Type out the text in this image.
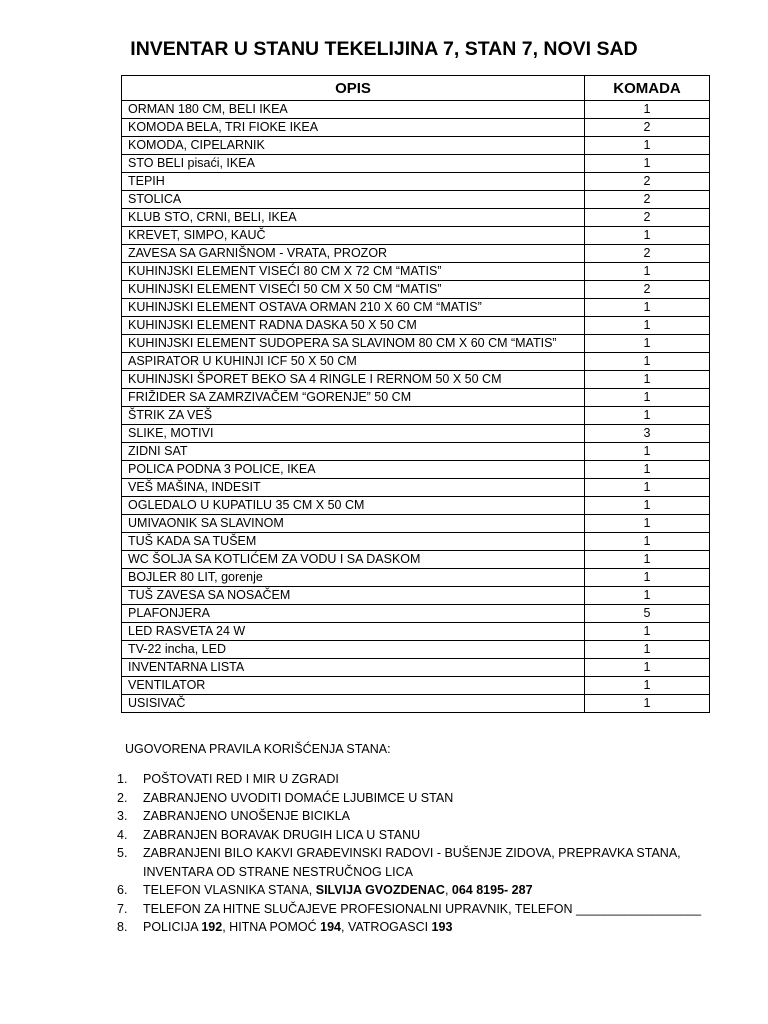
INVENTAR U STANU TEKELIJINA 7, STAN 7, NOVI SAD
OPIS	KOMADA
ORMAN 180 CM, BELI IKEA	1
KOMODA BELA, TRI FIOKE IKEA	2
KOMODA, CIPELARNIK	1
STO BELI pisaći, IKEA	1
TEPIH	2
STOLICA	2
KLUB STO, CRNI, BELI, IKEA	2
KREVET, SIMPO, KAUČ	1
ZAVESA SA GARNIŠNOM - VRATA, PROZOR	2
KUHINJSKI ELEMENT VISEĆI 80 CM X 72 CM “MATIS”	1
KUHINJSKI ELEMENT VISEĆI 50 CM X 50 CM “MATIS”	2
KUHINJSKI ELEMENT OSTAVA ORMAN 210 X 60 CM “MATIS”	1
KUHINJSKI ELEMENT RADNA DASKA 50 X 50 CM	1
KUHINJSKI ELEMENT SUDOPERA SA SLAVINOM 80 CM X 60 CM “MATIS”	1
ASPIRATOR U KUHINJI ICF 50 X 50 CM	1
KUHINJSKI ŠPORET BEKO SA 4 RINGLE I RERNOM 50 X 50 CM	1
FRIŽIDER SA ZAMRZIVAČEM “GORENJE” 50 CM	1
ŠTRIK ZA VEŠ	1
SLIKE, MOTIVI	3
ZIDNI SAT	1
POLICA PODNA 3 POLICE, IKEA	1
VEŠ MAŠINA, INDESIT	1
OGLEDALO U KUPATILU 35 CM X 50 CM	1
UMIVAONIK SA SLAVINOM	1
TUŠ KADA SA TUŠEM	1
WC ŠOLJA SA KOTLIĆEM ZA VODU I SA DASKOM	1
BOJLER 80 LIT, gorenje	1
TUŠ ZAVESA SA NOSAČEM	1
PLAFONJERA	5
LED RASVETA 24 W	1
TV-22 incha, LED	1
INVENTARNA LISTA	1
VENTILATOR	1
USISIVAČ	1
UGOVORENA PRAVILA KORIŠĆENJA STANA:
1.	POŠTOVATI RED I MIR U ZGRADI
2.	ZABRANJENO UVODITI DOMAĆE LJUBIMCE U STAN
3.	ZABRANJENO UNOŠENJE BICIKLA
4.	ZABRANJEN BORAVAK DRUGIH LICA U STANU
5.	ZABRANJENI BILO KAKVI GRAĐEVINSKI RADOVI - BUŠENJE ZIDOVA, PREPRAVKA STANA, INVENTARA OD STRANE NESTRUČNOG LICA
6.	TELEFON VLASNIKA STANA, SILVIJA GVOZDENAC, 064 8195- 287
7.	TELEFON ZA HITNE SLUČAJEVE PROFESIONALNI UPRAVNIK, TELEFON __________________
8.	POLICIJA 192, HITNA POMOĆ 194, VATROGASCI 193
